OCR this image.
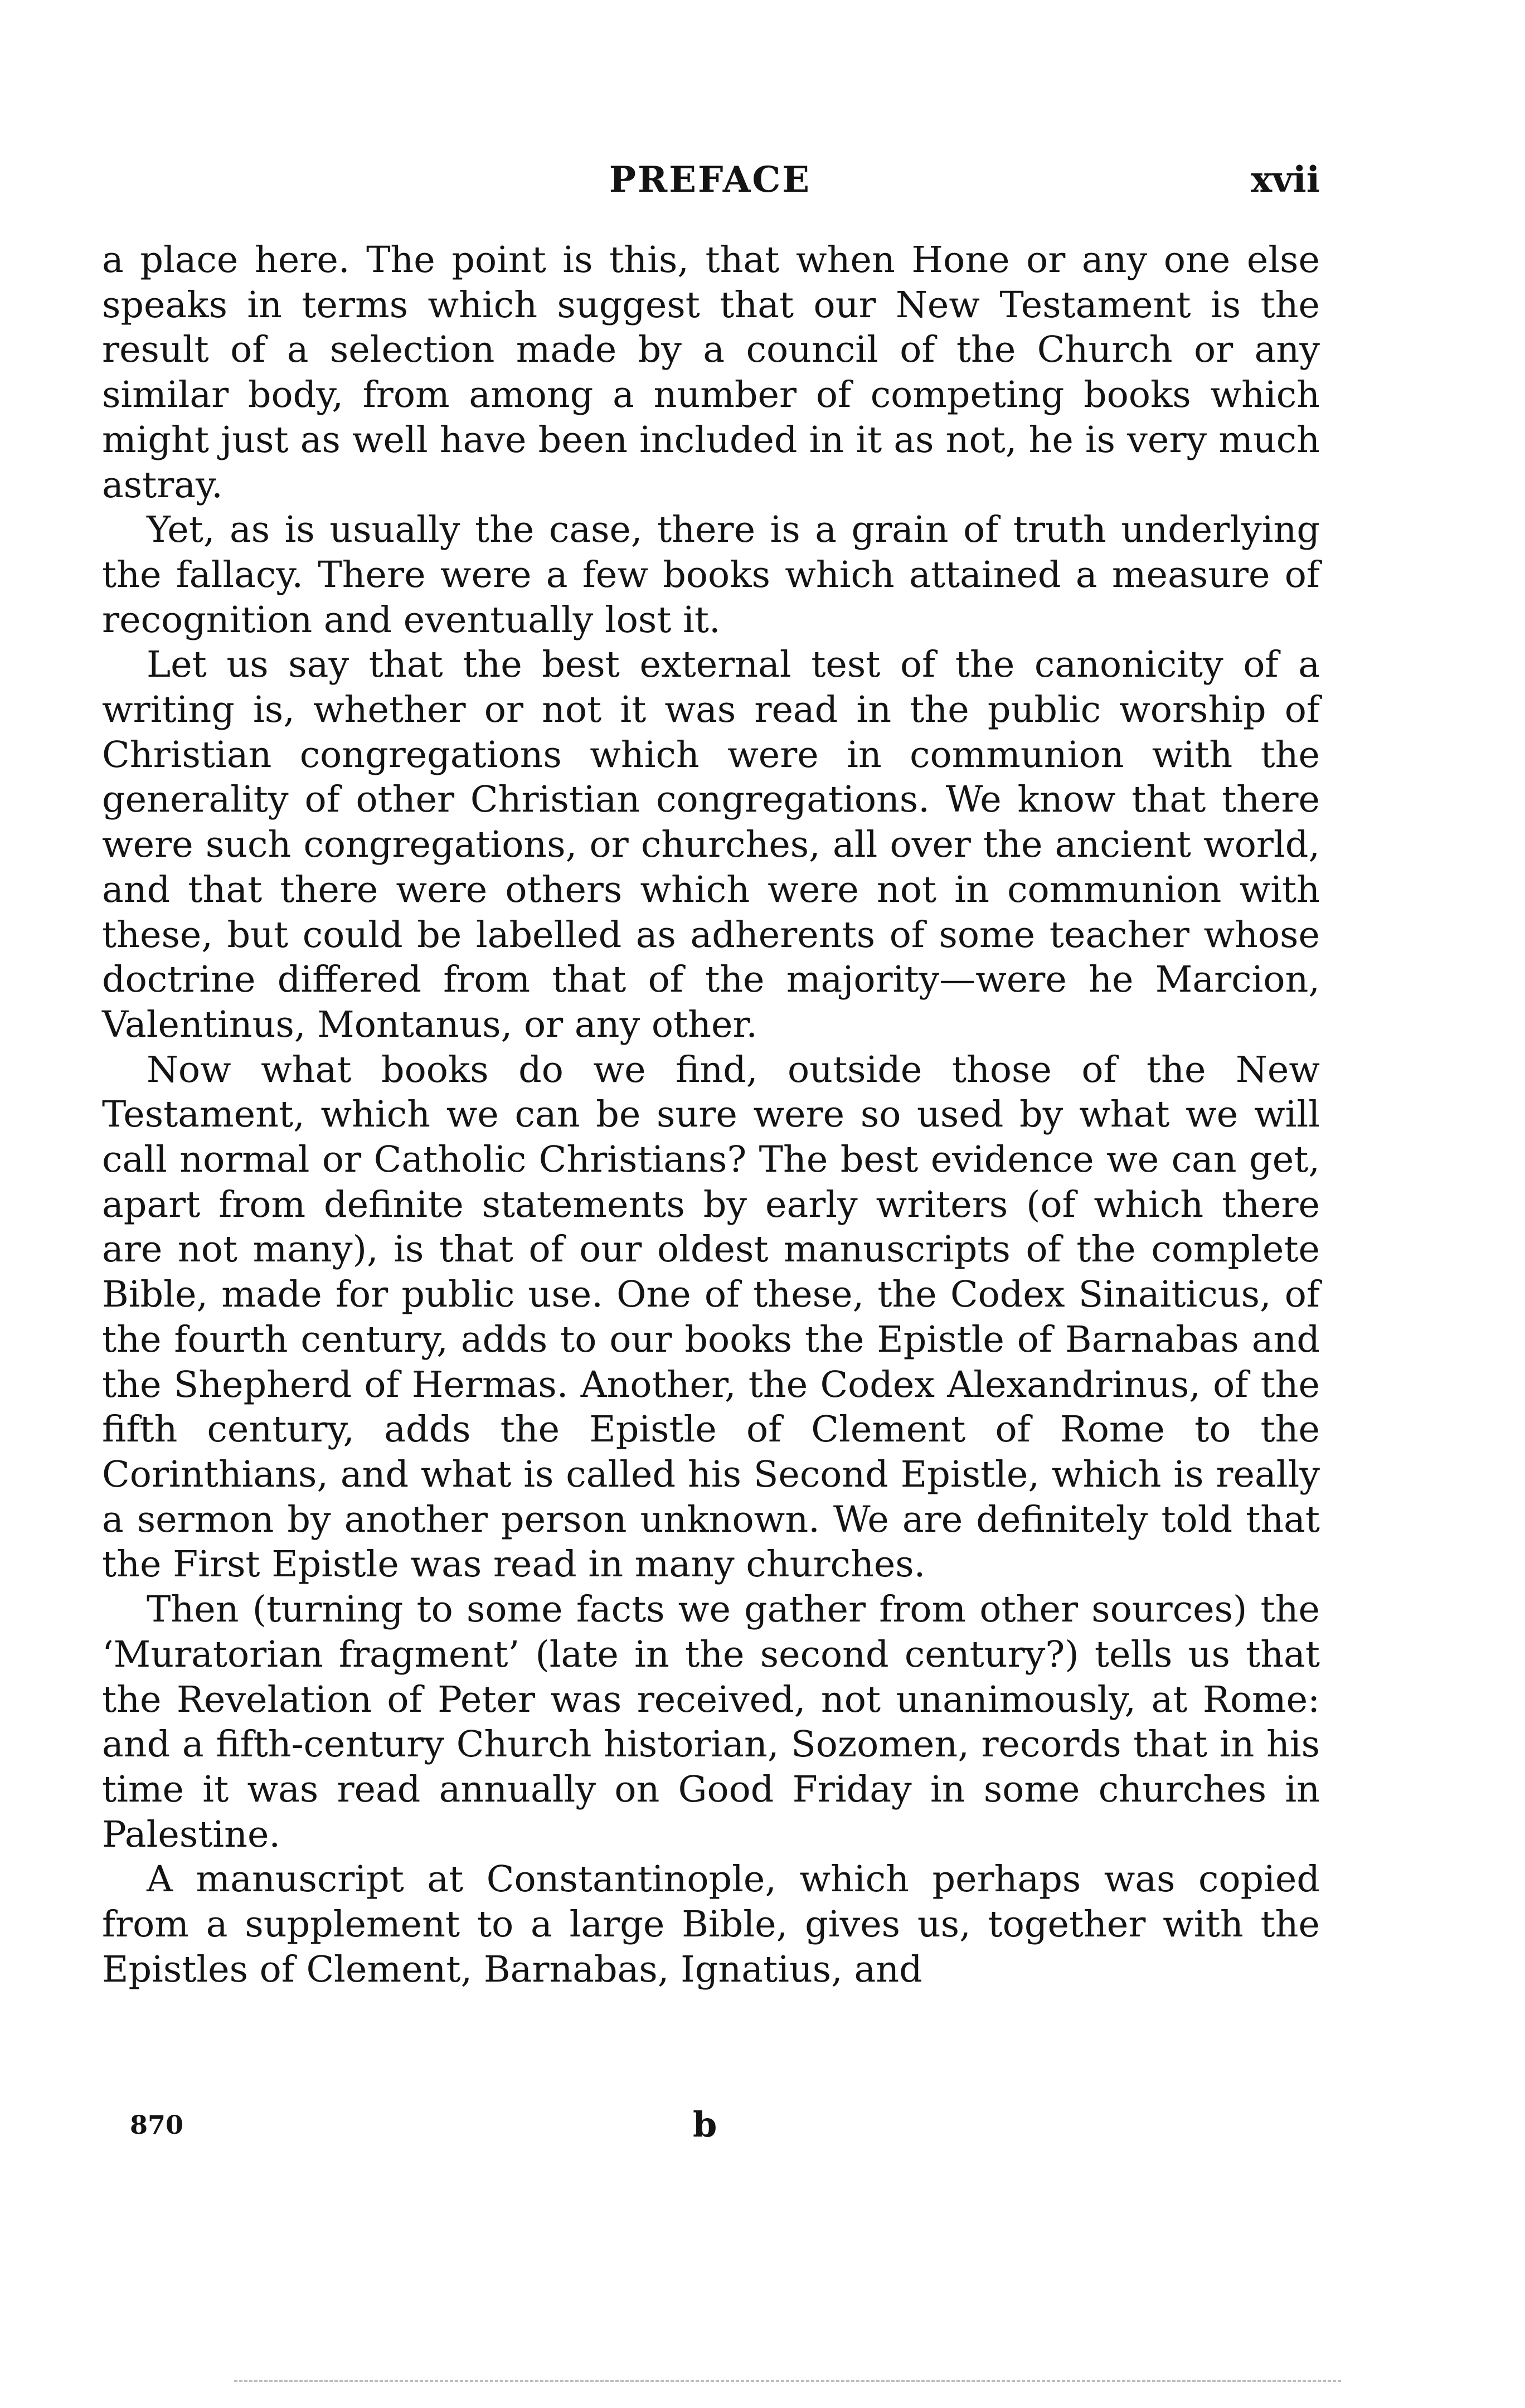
PREFACE	xvii

a place here. The point is this, that when Hone or any one else speaks in terms which suggest that our New Testament is the result of a selection made by a council of the Church or any similar body, from among a number of competing books which might just as well have been included in it as not, he is very much astray.

Yet, as is usually the case, there is a grain of truth underlying the fallacy. There were a few books which attained a measure of recognition and eventually lost it.

Let us say that the best external test of the canonicity of a writing is, whether or not it was read in the public worship of Christian congregations which were in communion with the generality of other Christian congregations. We know that there were such congregations, or churches, all over the ancient world, and that there were others which were not in communion with these, but could be labelled as adherents of some teacher whose doctrine differed from that of the majority—were he Marcion, Valentinus, Montanus, or any other.

Now what books do we find, outside those of the New Testament, which we can be sure were so used by what we will call normal or Catholic Christians? The best evidence we can get, apart from definite statements by early writers (of which there are not many), is that of our oldest manuscripts of the complete Bible, made for public use. One of these, the Codex Sinaiticus, of the fourth century, adds to our books the Epistle of Barnabas and the Shepherd of Hermas. Another, the Codex Alexandrinus, of the fifth century, adds the Epistle of Clement of Rome to the Corinthians, and what is called his Second Epistle, which is really a sermon by another person unknown. We are definitely told that the First Epistle was read in many churches.

Then (turning to some facts we gather from other sources) the ‘Muratorian fragment’ (late in the second century?) tells us that the Revelation of Peter was received, not unanimously, at Rome: and a fifth-century Church historian, Sozomen, records that in his time it was read annually on Good Friday in some churches in Palestine.

A manuscript at Constantinople, which perhaps was copied from a supplement to a large Bible, gives us, together with the Epistles of Clement, Barnabas, Ignatius, and

870	b
